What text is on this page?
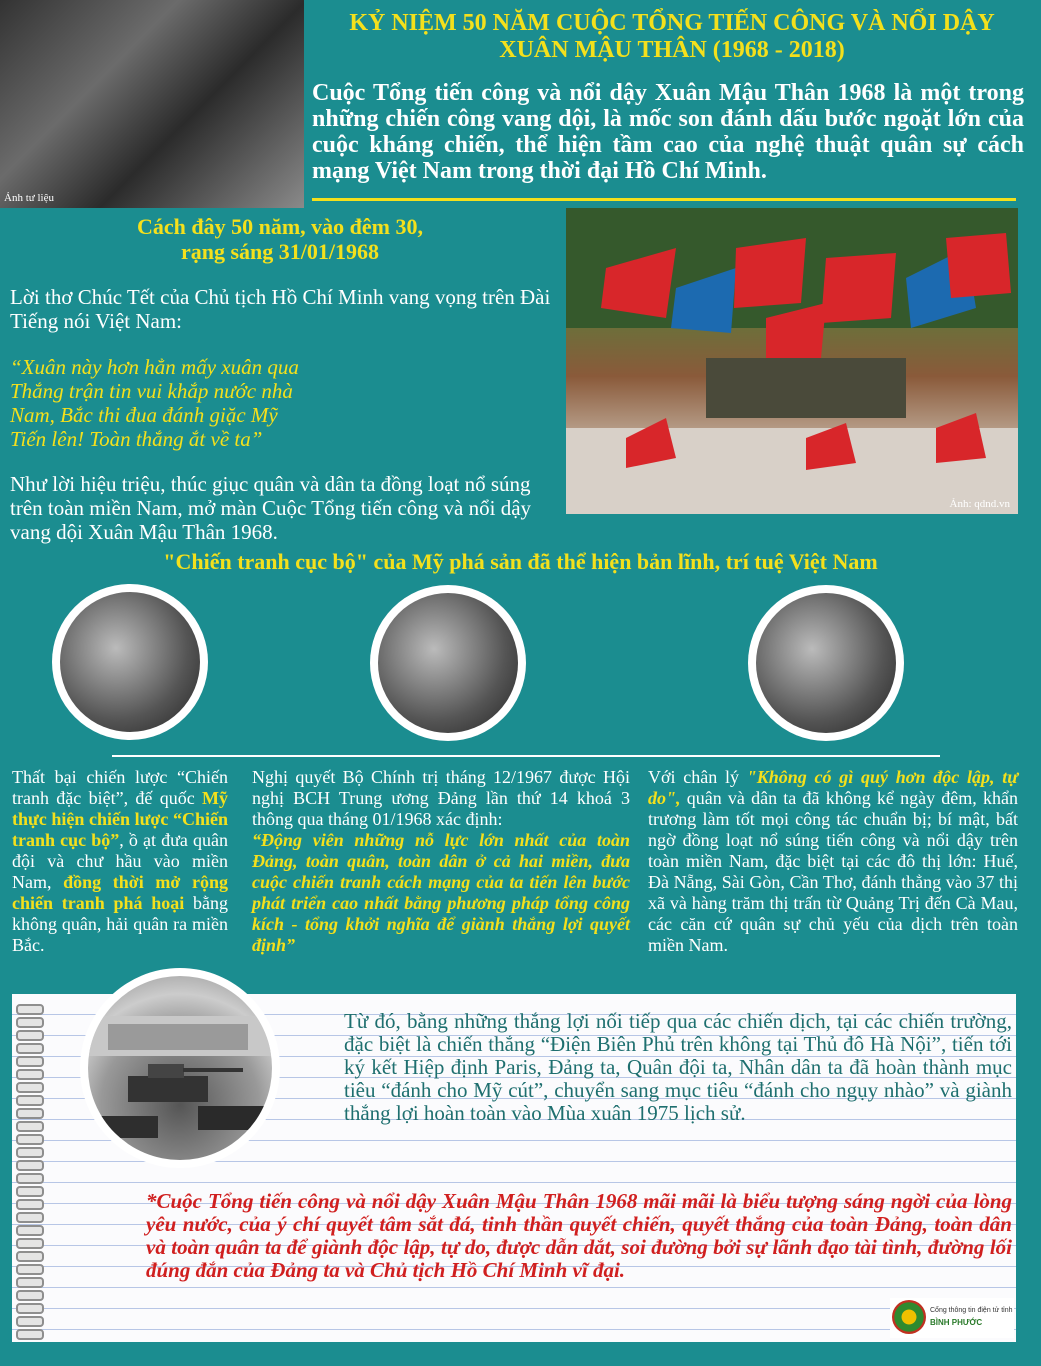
Ảnh tư liệu
KỶ NIỆM 50 NĂM CUỘC TỔNG TIẾN CÔNG VÀ NỔI DẬY
XUÂN MẬU THÂN (1968 - 2018)

Cuộc Tổng tiến công và nổi dậy Xuân Mậu Thân 1968 là một trong những chiến công vang dội, là mốc son đánh dấu bước ngoặt lớn của cuộc kháng chiến, thể hiện tầm cao của nghệ thuật quân sự cách mạng Việt Nam trong thời đại Hồ Chí Minh.

Cách đây 50 năm, vào đêm 30,
rạng sáng 31/01/1968

Lời thơ Chúc Tết của Chủ tịch Hồ Chí Minh vang vọng trên Đài Tiếng nói Việt Nam:

“Xuân này hơn hẳn mấy xuân qua
Thắng trận tin vui khắp nước nhà
Nam, Bắc thi đua đánh giặc Mỹ
Tiến lên! Toàn thắng ắt về ta”

Như lời hiệu triệu, thúc giục quân và dân ta đồng loạt nổ súng trên toàn miền Nam, mở màn Cuộc Tổng tiến công và nổi dậy vang dội Xuân Mậu Thân 1968.

Ảnh: qdnd.vn
"Chiến tranh cục bộ" của Mỹ phá sản đã thể hiện bản lĩnh, trí tuệ Việt Nam

Thất bại chiến lược “Chiến tranh đặc biệt”, đế quốc Mỹ thực hiện chiến lược “Chiến tranh cục bộ”, ồ ạt đưa quân đội và chư hầu vào miền Nam, đồng thời mở rộng chiến tranh phá hoại bằng không quân, hải quân ra miền Bắc.

Nghị quyết Bộ Chính trị tháng 12/1967 được Hội nghị BCH Trung ương Đảng lần thứ 14 khoá 3 thông qua tháng 01/1968 xác định:
“Động viên những nỗ lực lớn nhất của toàn Đảng, toàn quân, toàn dân ở cả hai miền, đưa cuộc chiến tranh cách mạng của ta tiến lên bước phát triển cao nhất bằng phương pháp tổng công kích - tổng khởi nghĩa để giành thắng lợi quyết định”

Với chân lý "Không có gì quý hơn độc lập, tự do", quân và dân ta đã không kể ngày đêm, khẩn trương làm tốt mọi công tác chuẩn bị; bí mật, bất ngờ đồng loạt nổ súng tiến công và nổi dậy trên toàn miền Nam, đặc biệt tại các đô thị lớn: Huế, Đà Nẵng, Sài Gòn, Cần Thơ, đánh thẳng vào 37 thị xã và hàng trăm thị trấn từ Quảng Trị đến Cà Mau, các căn cứ quân sự chủ yếu của dịch trên toàn miền Nam.

Từ đó, bằng những thắng lợi nối tiếp qua các chiến dịch, tại các chiến trường, đặc biệt là chiến thắng “Điện Biên Phủ trên không tại Thủ đô Hà Nội”, tiến tới ký kết Hiệp định Paris, Đảng ta, Quân đội ta, Nhân dân ta đã hoàn thành mục tiêu “đánh cho Mỹ cút”, chuyển sang mục tiêu “đánh cho ngụy nhào” và giành thắng lợi hoàn toàn vào Mùa xuân 1975 lịch sử.

*Cuộc Tổng tiến công và nổi dậy Xuân Mậu Thân 1968 mãi mãi là biểu tượng sáng ngời của lòng yêu nước, của ý chí quyết tâm sắt đá, tinh thần quyết chiến, quyết thắng của toàn Đảng, toàn dân và toàn quân ta để giành độc lập, tự do, được dẫn dắt, soi đường bởi sự lãnh đạo tài tình, đường lối đúng đắn của Đảng ta và Chủ tịch Hồ Chí Minh vĩ đại.

Cổng thông tin điện tử tỉnh
BÌNH PHƯỚC
